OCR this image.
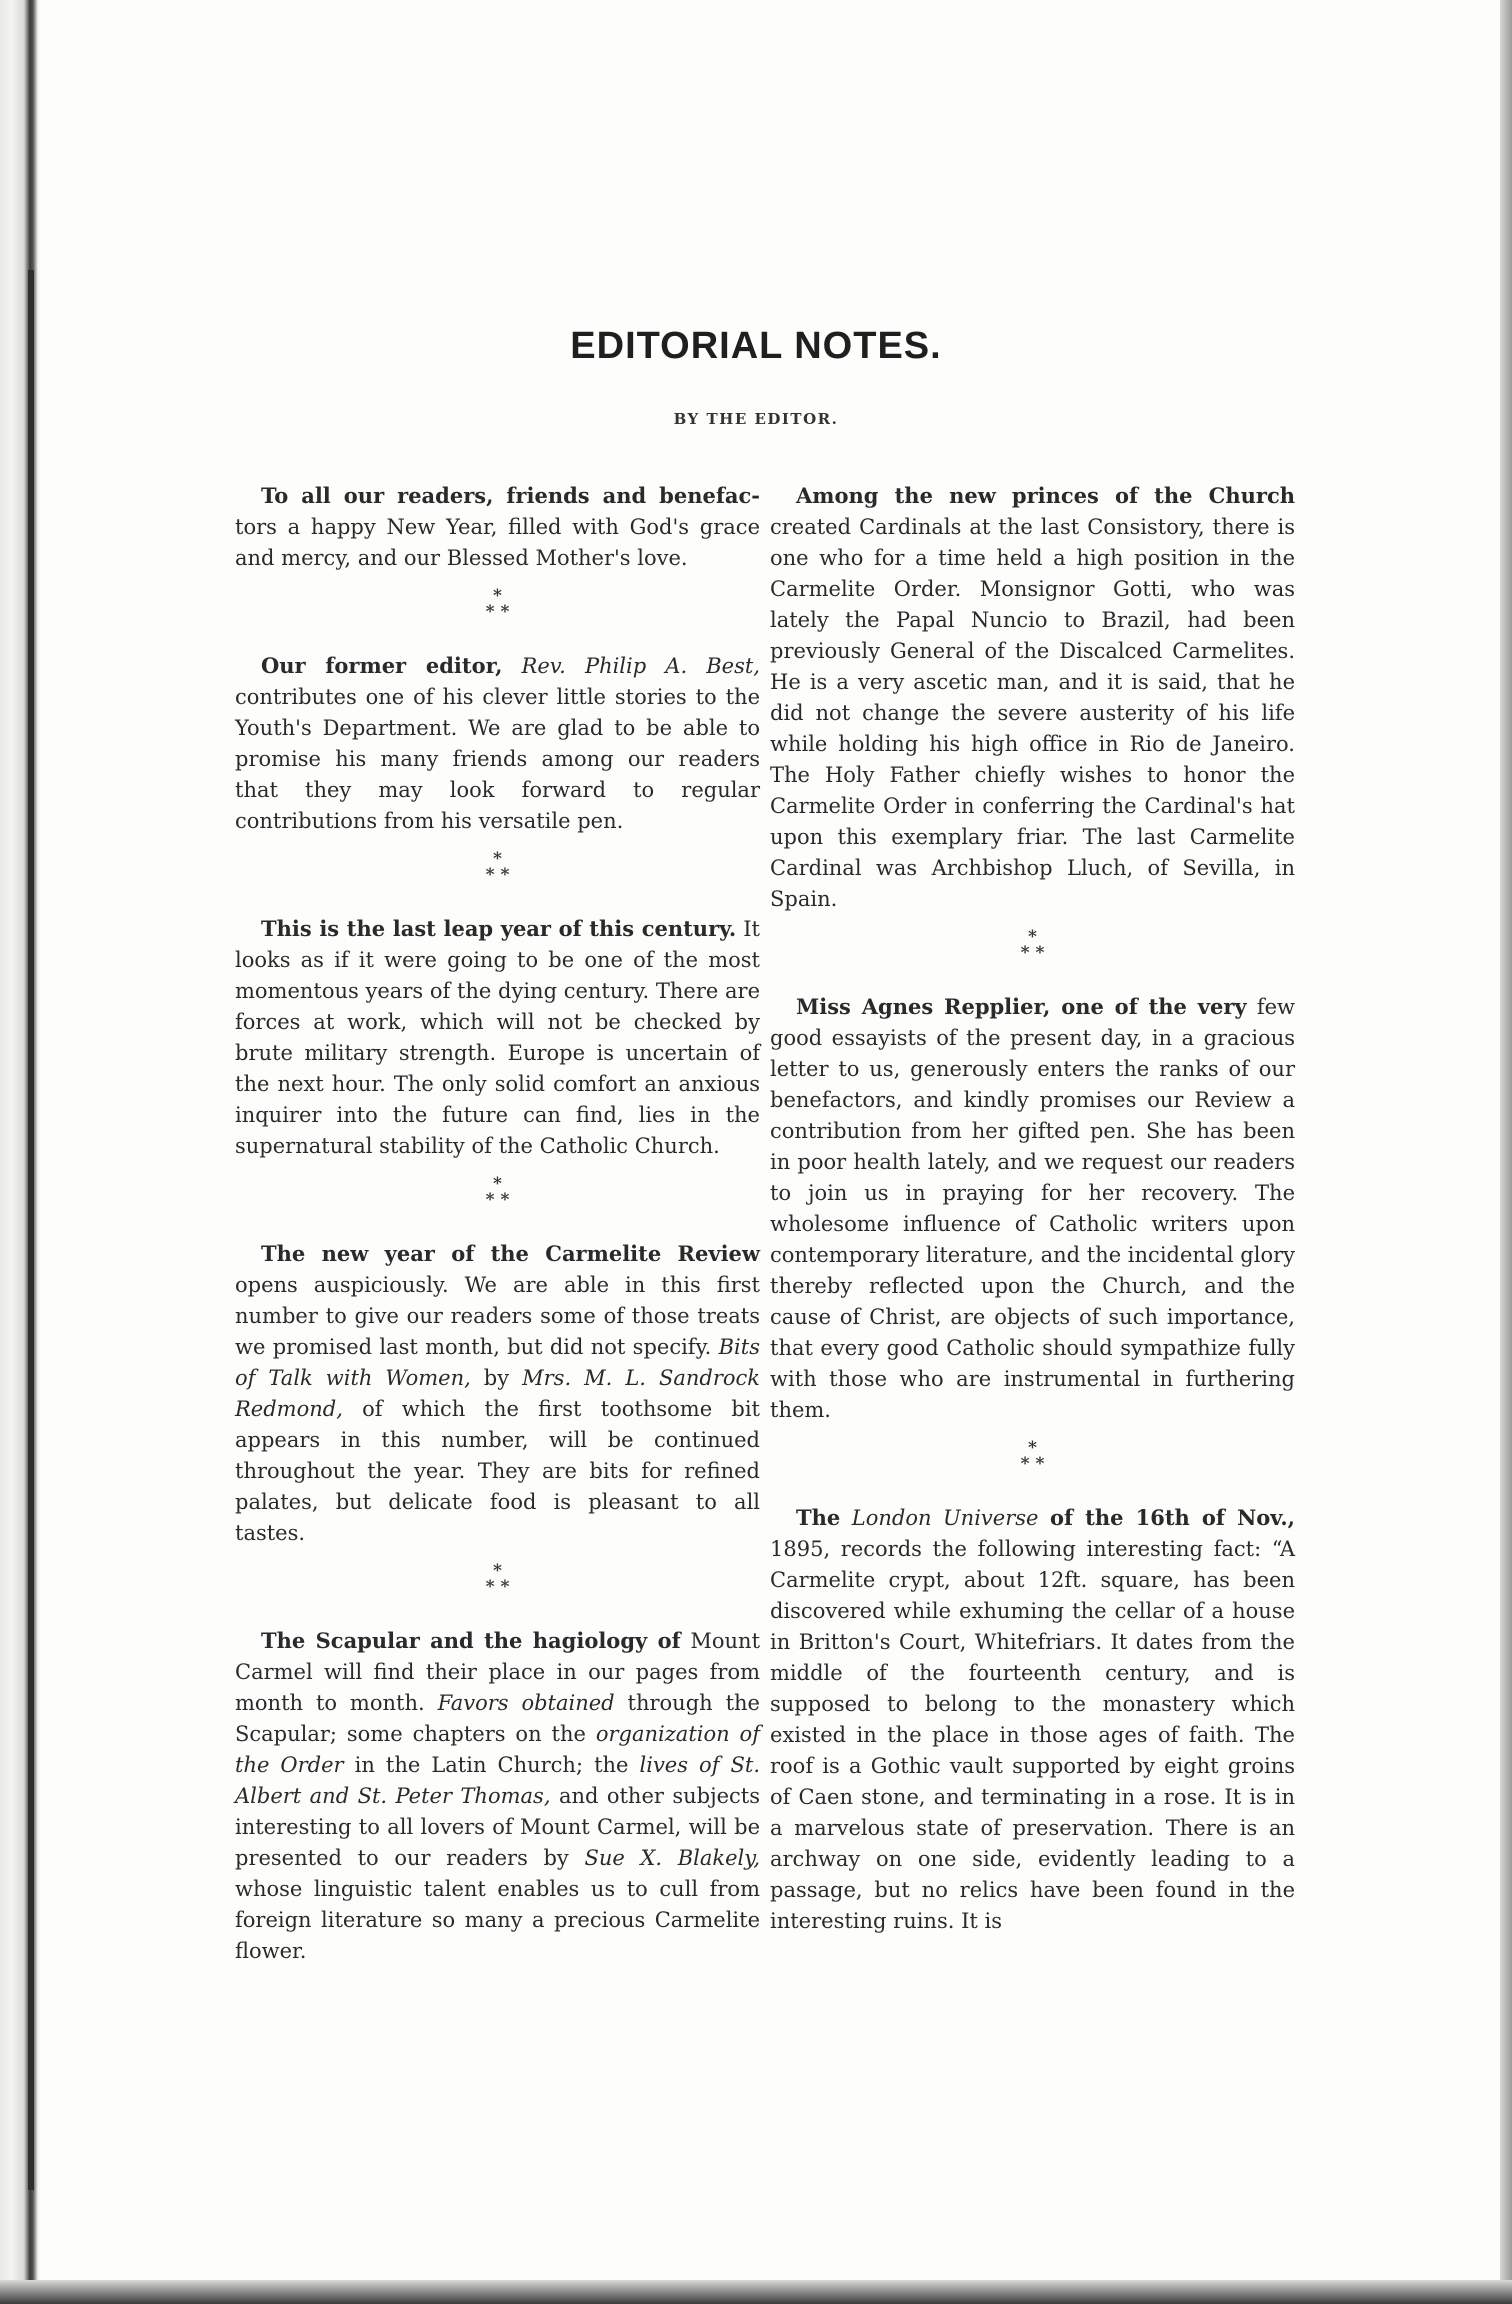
EDITORIAL NOTES.
BY THE EDITOR.

To all our readers, friends and benefac- tors a happy New Year, filled with God's grace and mercy, and our Blessed Mother's love.

*
* *

Our former editor, Rev. Philip A. Best, contributes one of his clever little stories to the Youth's Department. We are glad to be able to promise his many friends among our readers that they may look forward to regular contributions from his versatile pen.

*
* *

This is the last leap year of this century. It looks as if it were going to be one of the most momentous years of the dying century. There are forces at work, which will not be checked by brute military strength. Europe is uncertain of the next hour. The only solid comfort an anxious inquirer into the future can find, lies in the supernatural stability of the Catholic Church.

*
* *

The new year of the Carmelite Review opens auspiciously. We are able in this first number to give our readers some of those treats we promised last month, but did not specify. Bits of Talk with Women, by Mrs. M. L. Sandrock Redmond, of which the first toothsome bit appears in this number, will be continued throughout the year. They are bits for refined palates, but delicate food is pleasant to all tastes.

*
* *

The Scapular and the hagiology of Mount Carmel will find their place in our pages from month to month. Favors obtained through the Scapular; some chapters on the organization of the Order in the Latin Church; the lives of St. Albert and St. Peter Thomas, and other subjects interesting to all lovers of Mount Carmel, will be presented to our readers by Sue X. Blakely, whose linguistic talent enables us to cull from foreign literature so many a precious Carmelite flower.

Among the new princes of the Church created Cardinals at the last Consistory, there is one who for a time held a high position in the Carmelite Order. Monsignor Gotti, who was lately the Papal Nuncio to Brazil, had been previously General of the Discalced Carmelites. He is a very ascetic man, and it is said, that he did not change the severe austerity of his life while holding his high office in Rio de Janeiro. The Holy Father chiefly wishes to honor the Carmelite Order in conferring the Cardinal's hat upon this exemplary friar. The last Carmelite Cardinal was Archbishop Lluch, of Sevilla, in Spain.

*
* *

Miss Agnes Repplier, one of the very few good essayists of the present day, in a gracious letter to us, generously enters the ranks of our benefactors, and kindly promises our Review a contribution from her gifted pen. She has been in poor health lately, and we request our readers to join us in praying for her recovery. The wholesome influence of Catholic writers upon contemporary literature, and the incidental glory thereby reflected upon the Church, and the cause of Christ, are objects of such importance, that every good Catholic should sympathize fully with those who are instrumental in furthering them.

*
* *

The London Universe of the 16th of Nov., 1895, records the following interesting fact: “A Carmelite crypt, about 12ft. square, has been discovered while exhuming the cellar of a house in Britton's Court, Whitefriars. It dates from the middle of the fourteenth century, and is supposed to belong to the monastery which existed in the place in those ages of faith. The roof is a Gothic vault supported by eight groins of Caen stone, and terminating in a rose. It is in a marvelous state of preservation. There is an archway on one side, evidently leading to a passage, but no relics have been found in the interesting ruins. It is
